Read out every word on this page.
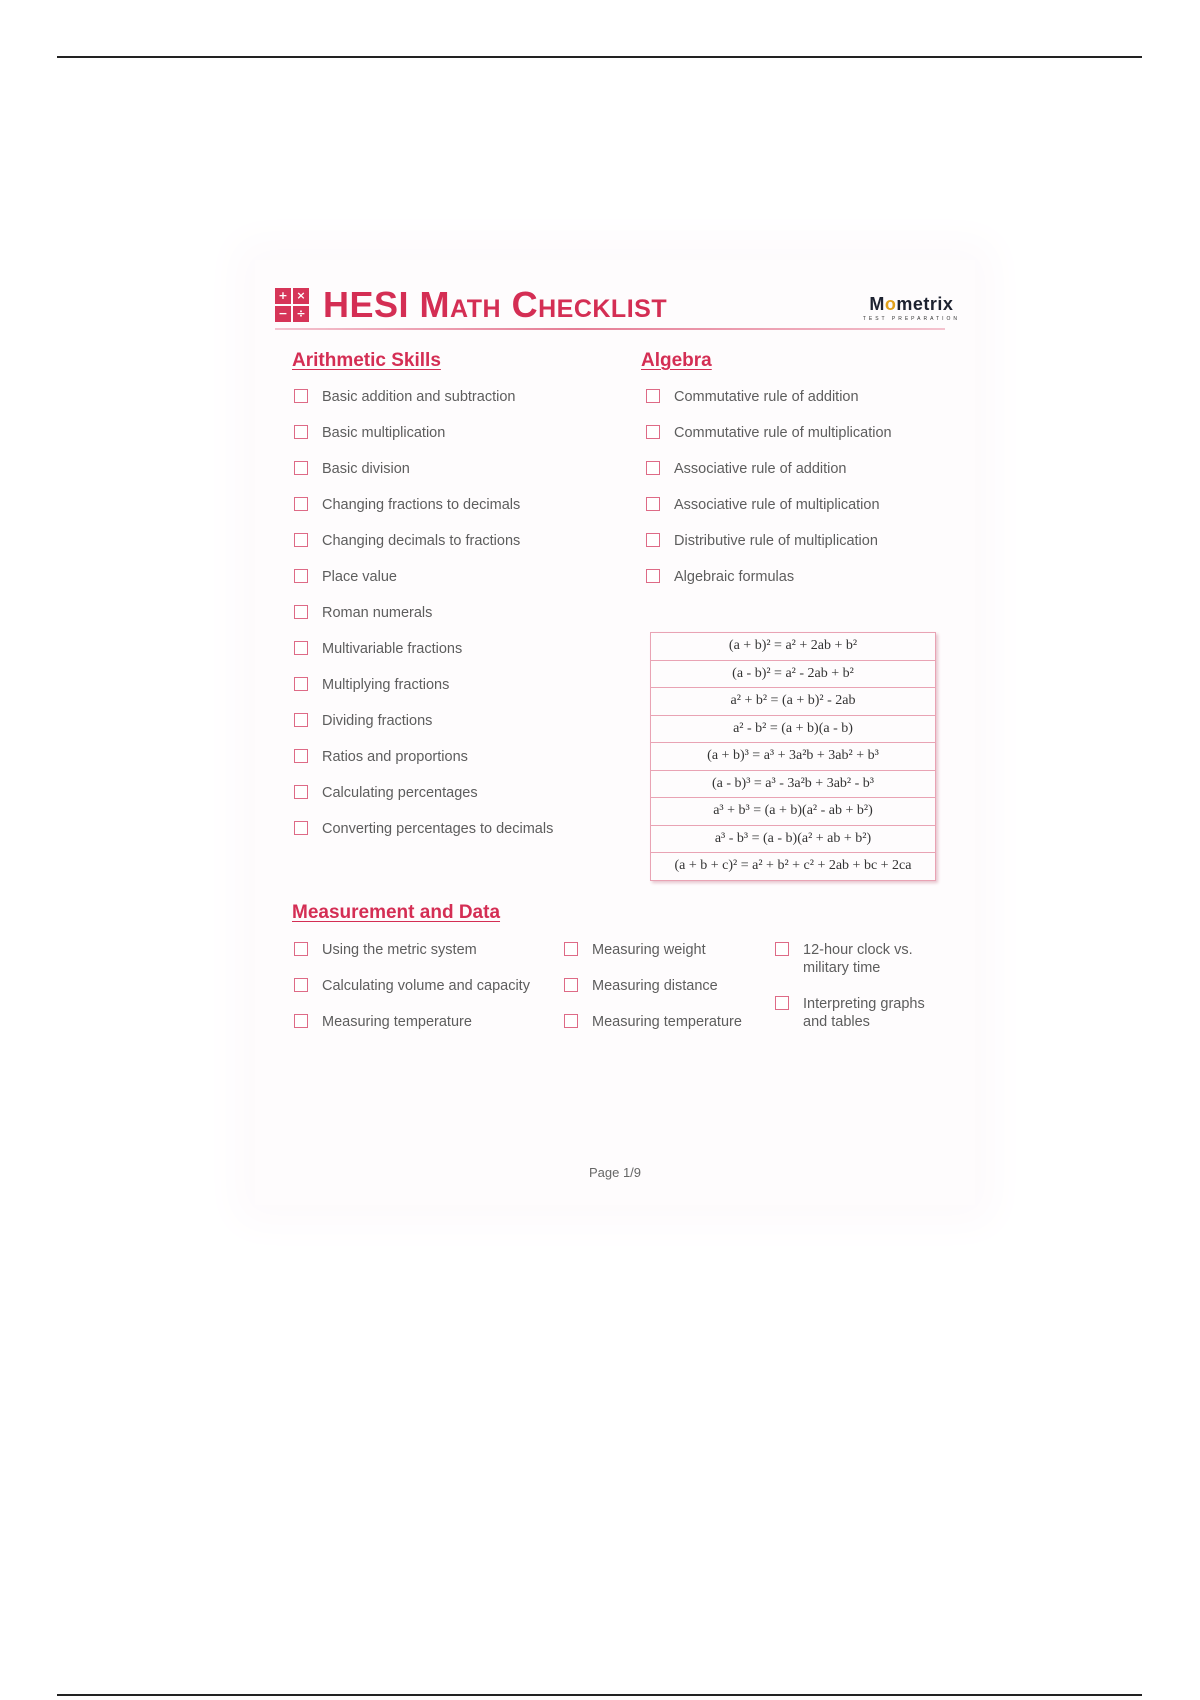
+ ×
− ÷ HESI Math Checklist	Mometrix
TEST PREPARATION
Arithmetic Skills
Basic addition and subtraction
Basic multiplication
Basic division
Changing fractions to decimals
Changing decimals to fractions
Place value
Roman numerals
Multivariable fractions
Multiplying fractions
Dividing fractions
Ratios and proportions
Calculating percentages
Converting percentages to decimals
Algebra
Commutative rule of addition
Commutative rule of multiplication
Associative rule of addition
Associative rule of multiplication
Distributive rule of multiplication
Algebraic formulas
(a + b)² = a² + 2ab + b²
(a - b)² = a² - 2ab + b²
a² + b² = (a + b)² - 2ab
a² - b² = (a + b)(a - b)
(a + b)³ = a³ + 3a²b + 3ab² + b³
(a - b)³ = a³ - 3a²b + 3ab² - b³
a³ + b³ = (a + b)(a² - ab + b²)
a³ - b³ = (a - b)(a² + ab + b²)
(a + b + c)² = a² + b² + c² + 2ab + bc + 2ca
Measurement and Data
Using the metric system
Calculating volume and capacity
Measuring temperature
Measuring weight
Measuring distance
Measuring temperature
12-hour clock vs. military time
Interpreting graphs and tables
Page 1/9
